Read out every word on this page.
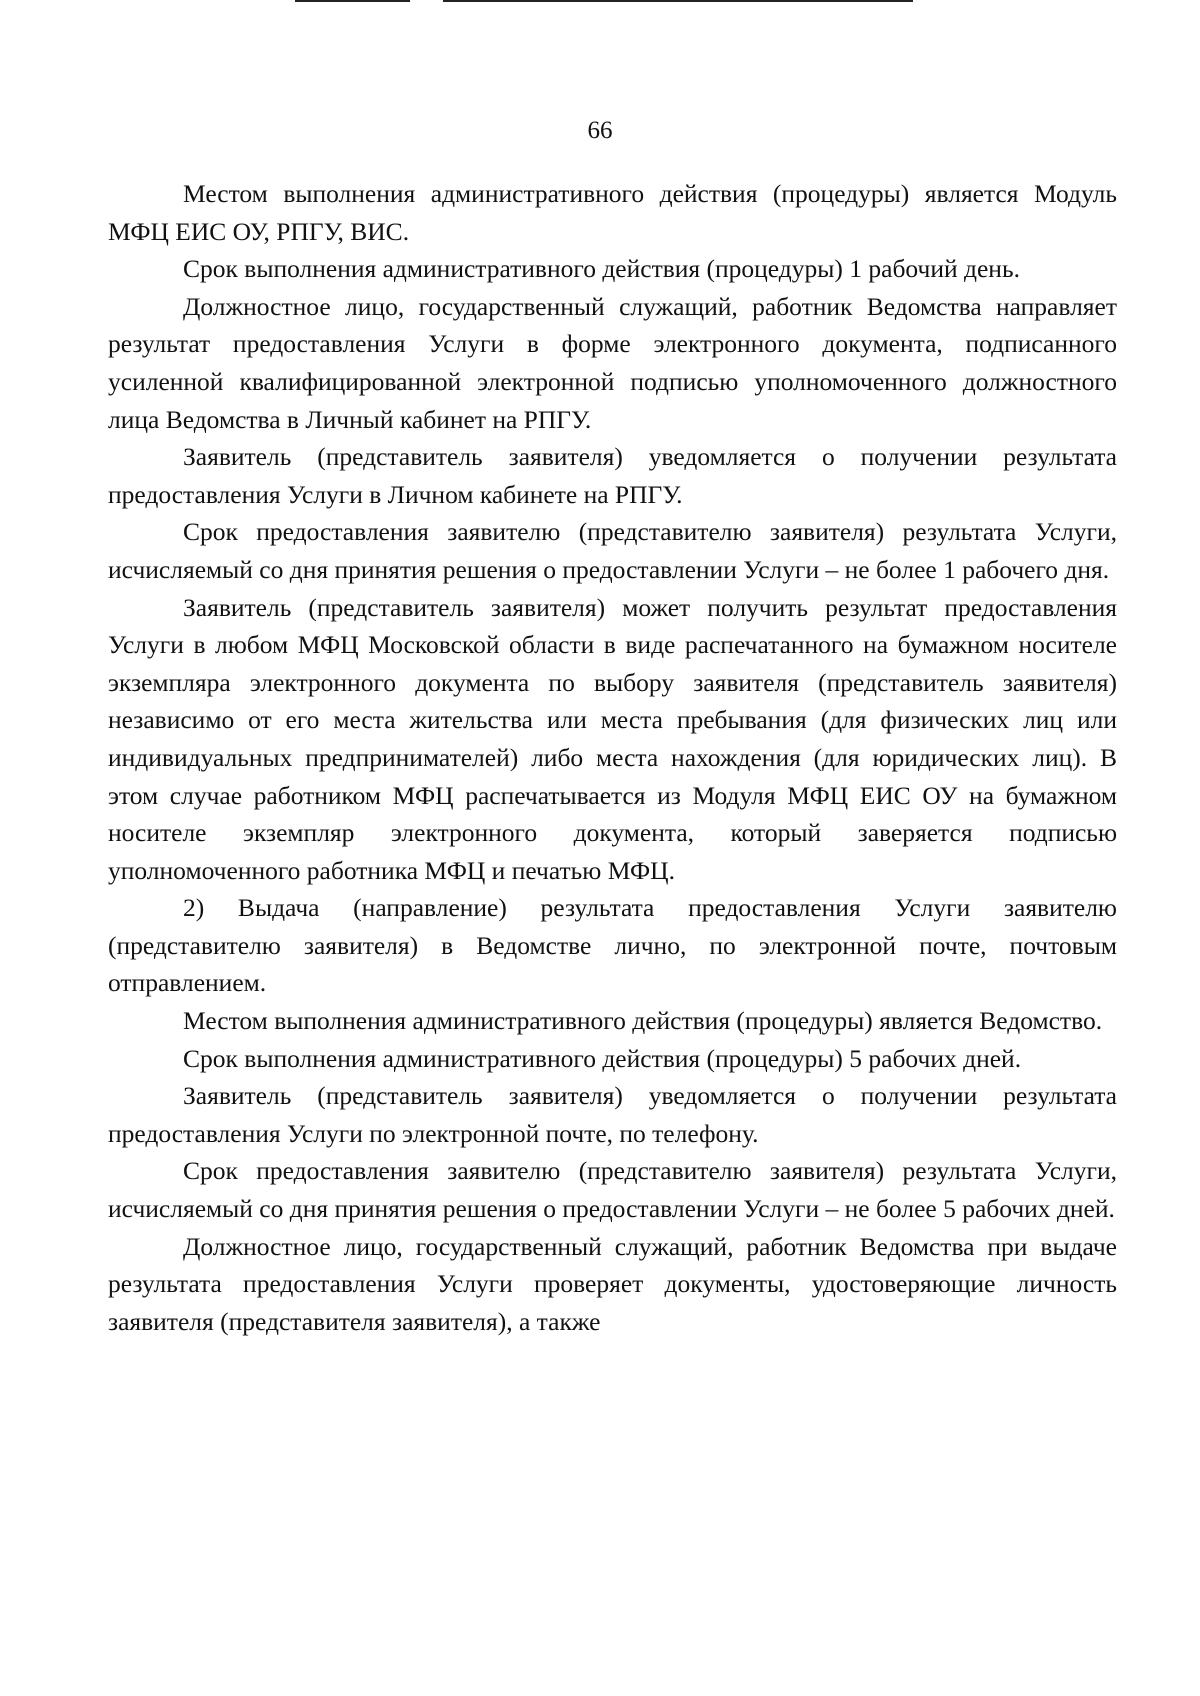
66

Местом выполнения административного действия (процедуры) является Модуль МФЦ ЕИС ОУ, РПГУ, ВИС.

Срок выполнения административного действия (процедуры) 1 рабочий день.

Должностное лицо, государственный служащий, работник Ведомства направляет результат предоставления Услуги в форме электронного документа, подписанного усиленной квалифицированной электронной подписью уполномоченного должностного лица Ведомства в Личный кабинет на РПГУ.

Заявитель (представитель заявителя) уведомляется о получении результата предоставления Услуги в Личном кабинете на РПГУ.

Срок предоставления заявителю (представителю заявителя) результата Услуги, исчисляемый со дня принятия решения о предоставлении Услуги – не более 1 рабочего дня.

Заявитель (представитель заявителя) может получить результат предоставления Услуги в любом МФЦ Московской области в виде распечатанного на бумажном носителе экземпляра электронного документа по выбору заявителя (представитель заявителя) независимо от его места жительства или места пребывания (для физических лиц или индивидуальных предпринимателей) либо места нахождения (для юридических лиц). В этом случае работником МФЦ распечатывается из Модуля МФЦ ЕИС ОУ на бумажном носителе экземпляр электронного документа, который заверяется подписью уполномоченного работника МФЦ и печатью МФЦ.

2) Выдача (направление) результата предоставления Услуги заявителю (представителю заявителя) в Ведомстве лично, по электронной почте, почтовым отправлением.

Местом выполнения административного действия (процедуры) является Ведомство.

Срок выполнения административного действия (процедуры) 5 рабочих дней.

Заявитель (представитель заявителя) уведомляется о получении результата предоставления Услуги по электронной почте, по телефону.

Срок предоставления заявителю (представителю заявителя) результата Услуги, исчисляемый со дня принятия решения о предоставлении Услуги – не более 5 рабочих дней.

Должностное лицо, государственный служащий, работник Ведомства при выдаче результата предоставления Услуги проверяет документы, удостоверяющие личность заявителя (представителя заявителя), а также
